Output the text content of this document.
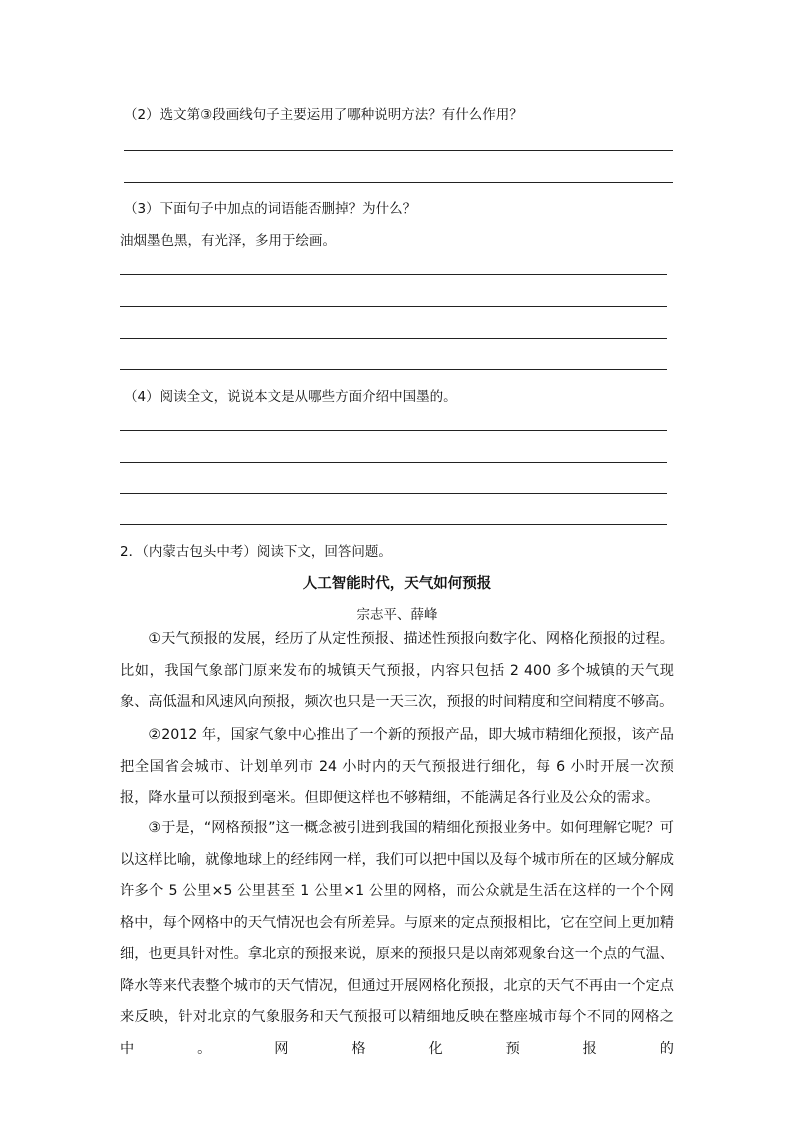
（2）选文第③段画线句子主要运用了哪种说明方法？有什么作用？
（3）下面句子中加点的词语能否删掉？为什么？
油烟墨色黑，有光泽，多用于绘画。
（4）阅读全文，说说本文是从哪些方面介绍中国墨的。
2．（内蒙古包头中考）阅读下文，回答问题。
人工智能时代，天气如何预报
宗志平、薛峰
①天气预报的发展，经历了从定性预报、描述性预报向数字化、网格化预报的过程。比如，我国气象部门原来发布的城镇天气预报，内容只包括 2 400 多个城镇的天气现象、高低温和风速风向预报，频次也只是一天三次，预报的时间精度和空间精度不够高。
②2012 年，国家气象中心推出了一个新的预报产品，即大城市精细化预报，该产品把全国省会城市、计划单列市 24 小时内的天气预报进行细化，每 6 小时开展一次预报，降水量可以预报到毫米。但即便这样也不够精细，不能满足各行业及公众的需求。
③于是，“网格预报”这一概念被引进到我国的精细化预报业务中。如何理解它呢？可以这样比喻，就像地球上的经纬网一样，我们可以把中国以及每个城市所在的区域分解成许多个 5 公里×5 公里甚至 1 公里×1 公里的网格，而公众就是生活在这样的一个个网格中，每个网格中的天气情况也会有所差异。与原来的定点预报相比，它在空间上更加精细，也更具针对性。拿北京的预报来说，原来的预报只是以南郊观象台这一个点的气温、降水等来代表整个城市的天气情况，但通过开展网格化预报，北京的天气不再由一个定点来反映，针对北京的气象服务和天气预报可以精细地反映在整座城市每个不同的网格之中。网格化预报的
